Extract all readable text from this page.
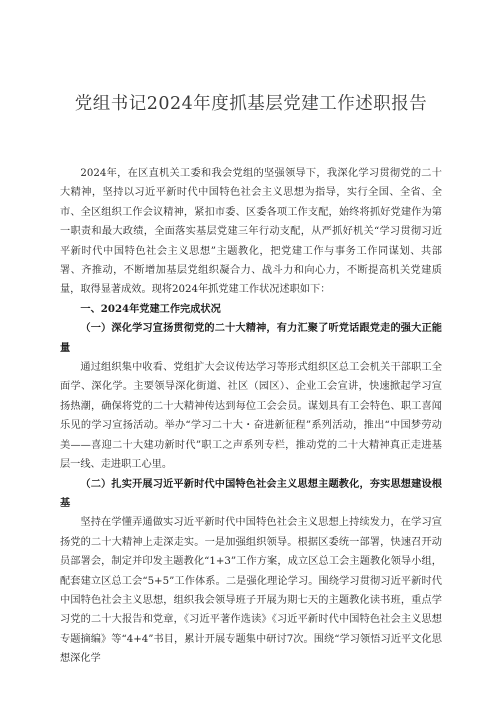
党组书记2024年度抓基层党建工作述职报告

2024年，在区直机关工委和我会党组的坚强领导下，我深化学习贯彻党的二十大精神，坚持以习近平新时代中国特色社会主义思想为指导，实行全国、全省、全市、全区组织工作会议精神，紧扣市委、区委各项工作支配，始终将抓好党建作为第一职责和最大政绩，全面落实基层党建三年行动支配，从严抓好机关“学习贯彻习近平新时代中国特色社会主义思想”主题教化，把党建工作与事务工作同谋划、共部署、齐推动，不断增加基层党组织凝合力、战斗力和向心力，不断提高机关党建质量，取得显著成效。现将2024年抓党建工作状况述职如下：

一、2024年党建工作完成状况

（一）深化学习宣扬贯彻党的二十大精神，有力汇聚了听党话跟党走的强大正能量

通过组织集中收看、党组扩大会议传达学习等形式组织区总工会机关干部职工全面学、深化学。主要领导深化街道、社区（园区）、企业工会宣讲，快速掀起学习宣扬热潮，确保将党的二十大精神传达到每位工会会员。谋划具有工会特色、职工喜闻乐见的学习宣扬活动。举办“学习二十大・奋进新征程”系列活动，推出“中国梦劳动美——喜迎二十大建功新时代”职工之声系列专栏，推动党的二十大精神真正走进基层一线、走进职工心里。

（二）扎实开展习近平新时代中国特色社会主义思想主题教化，夯实思想建设根基

坚持在学懂弄通做实习近平新时代中国特色社会主义思想上持续发力，在学习宣扬党的二十大精神上走深走实。一是加强组织领导。根据区委统一部署，快速召开动员部署会，制定并印发主题教化“1+3”工作方案，成立区总工会主题教化领导小组，配套建立区总工会“5+5”工作体系。二是强化理论学习。围绕学习贯彻习近平新时代中国特色社会主义思想，组织我会领导班子开展为期七天的主题教化读书班，重点学习党的二十大报告和党章，《习近平著作选读》《习近平新时代中国特色社会主义思想专题摘编》等“4+4”书目，累计开展专题集中研讨7次。围绕“学习领悟习近平文化思想深化学
